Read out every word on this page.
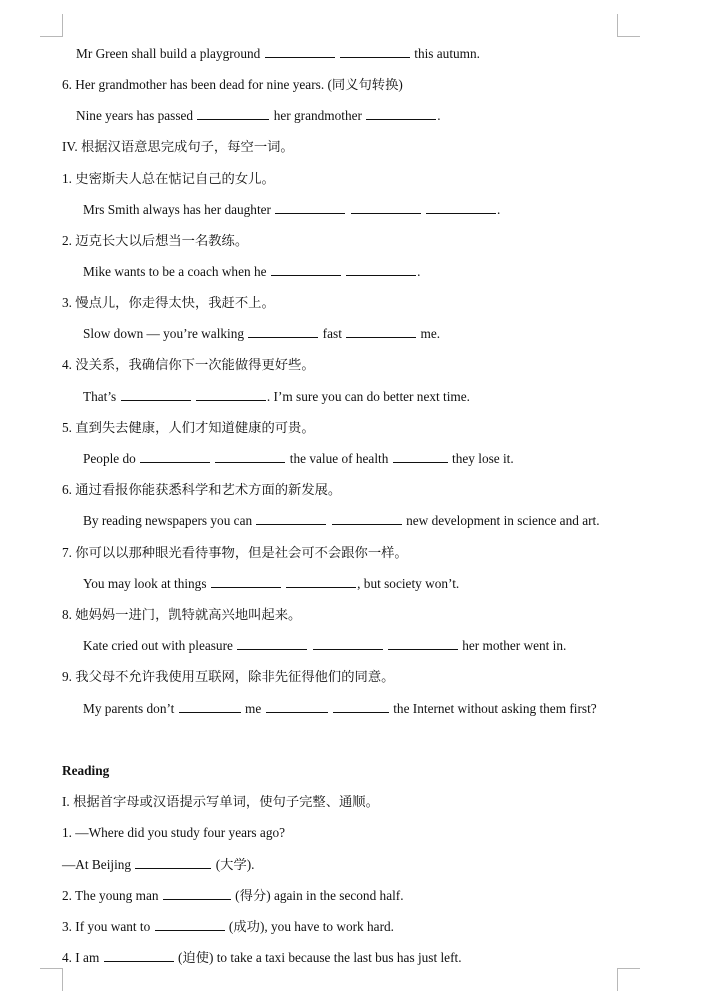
Mr Green shall build a playground	this autumn.
6. Her grandmother has been dead for nine years. (同义句转换)
Nine years has passed	her grandmother	.
IV. 根据汉语意思完成句子，每空一词。
1. 史密斯夫人总在惦记自己的女儿。
Mrs Smith always has her daughter	.
2. 迈克长大以后想当一名教练。
Mike wants to be a coach when he	.
3. 慢点儿，你走得太快，我赶不上。
Slow down — you’re walking	fast	me.
4. 没关系，我确信你下一次能做得更好些。
That’s	. I’m sure you can do better next time.
5. 直到失去健康，人们才知道健康的可贵。
People do	the value of health	they lose it.
6. 通过看报你能获悉科学和艺术方面的新发展。
By reading newspapers you can	new development in science and art.
7. 你可以以那种眼光看待事物，但是社会可不会跟你一样。
You may look at things	, but society won’t.
8. 她妈妈一进门，凯特就高兴地叫起来。
Kate cried out with pleasure	her mother went in.
9. 我父母不允许我使用互联网，除非先征得他们的同意。
My parents don’t	me	the Internet without asking them first?
Reading
I. 根据首字母或汉语提示写单词，使句子完整、通顺。
1. —Where did you study four years ago?
—At Beijing	(大学).
2. The young man	(得分) again in the second half.
3. If you want to	(成功), you have to work hard.
4. I am	(迫使) to take a taxi because the last bus has just left.
